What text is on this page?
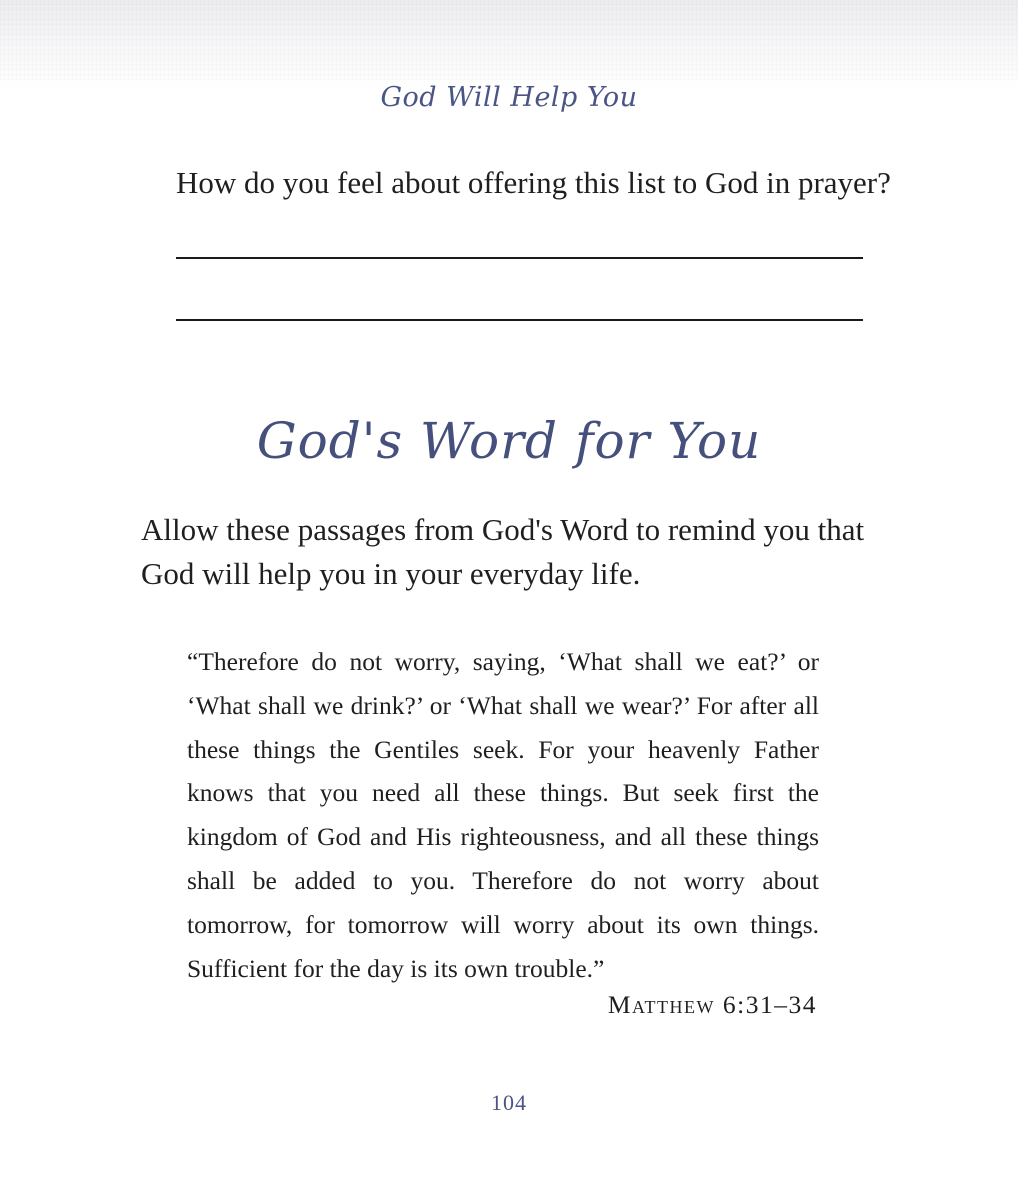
God Will Help You
How do you feel about offering this list to God in prayer?
God's Word for You
Allow these passages from God's Word to remind you that God will help you in your everyday life.
“Therefore do not worry, saying, ‘What shall we eat?’ or ‘What shall we drink?’ or ‘What shall we wear?’ For after all these things the Gentiles seek. For your heavenly Father knows that you need all these things. But seek first the kingdom of God and His righteousness, and all these things shall be added to you. Therefore do not worry about tomorrow, for tomorrow will worry about its own things. Sufficient for the day is its own trouble.”
Matthew 6:31–34
104
